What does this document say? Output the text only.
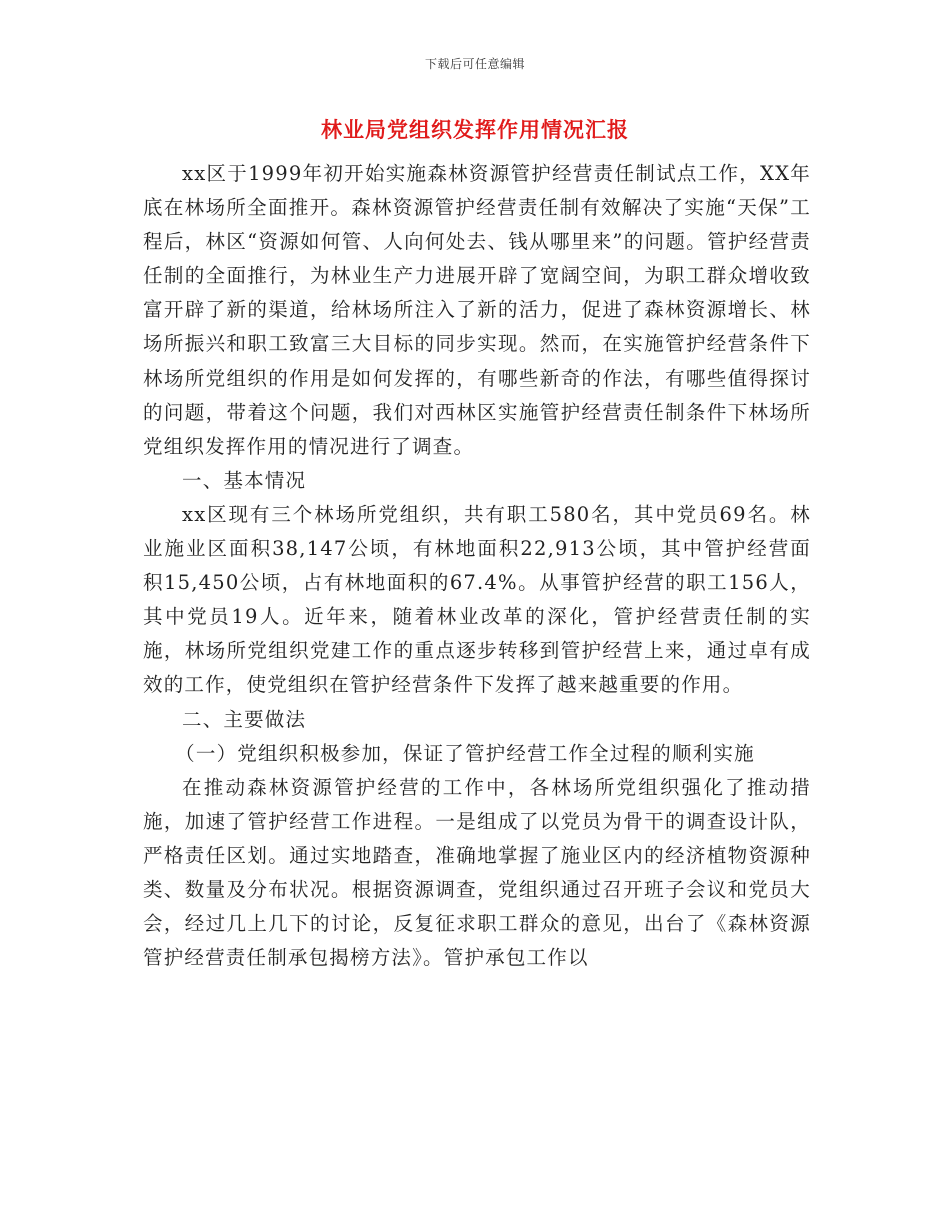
下载后可任意编辑
林业局党组织发挥作用情况汇报

xx区于1999年初开始实施森林资源管护经营责任制试点工作，XX年底在林场所全面推开。森林资源管护经营责任制有效解决了实施“天保”工程后，林区“资源如何管、人向何处去、钱从哪里来”的问题。管护经营责任制的全面推行，为林业生产力进展开辟了宽阔空间，为职工群众增收致富开辟了新的渠道，给林场所注入了新的活力，促进了森林资源增长、林场所振兴和职工致富三大目标的同步实现。然而，在实施管护经营条件下林场所党组织的作用是如何发挥的，有哪些新奇的作法，有哪些值得探讨的问题，带着这个问题，我们对西林区实施管护经营责任制条件下林场所党组织发挥作用的情况进行了调查。

一、基本情况

xx区现有三个林场所党组织，共有职工580名，其中党员69名。林业施业区面积38,147公顷，有林地面积22,913公顷，其中管护经营面积15,450公顷，占有林地面积的67.4%。从事管护经营的职工156人，其中党员19人。近年来，随着林业改革的深化，管护经营责任制的实施，林场所党组织党建工作的重点逐步转移到管护经营上来，通过卓有成效的工作，使党组织在管护经营条件下发挥了越来越重要的作用。

二、主要做法

（一）党组织积极参加，保证了管护经营工作全过程的顺利实施

在推动森林资源管护经营的工作中，各林场所党组织强化了推动措施，加速了管护经营工作进程。一是组成了以党员为骨干的调查设计队，严格责任区划。通过实地踏查，准确地掌握了施业区内的经济植物资源种类、数量及分布状况。根据资源调查，党组织通过召开班子会议和党员大会，经过几上几下的讨论，反复征求职工群众的意见，出台了《森林资源管护经营责任制承包揭榜方法》。管护承包工作以
